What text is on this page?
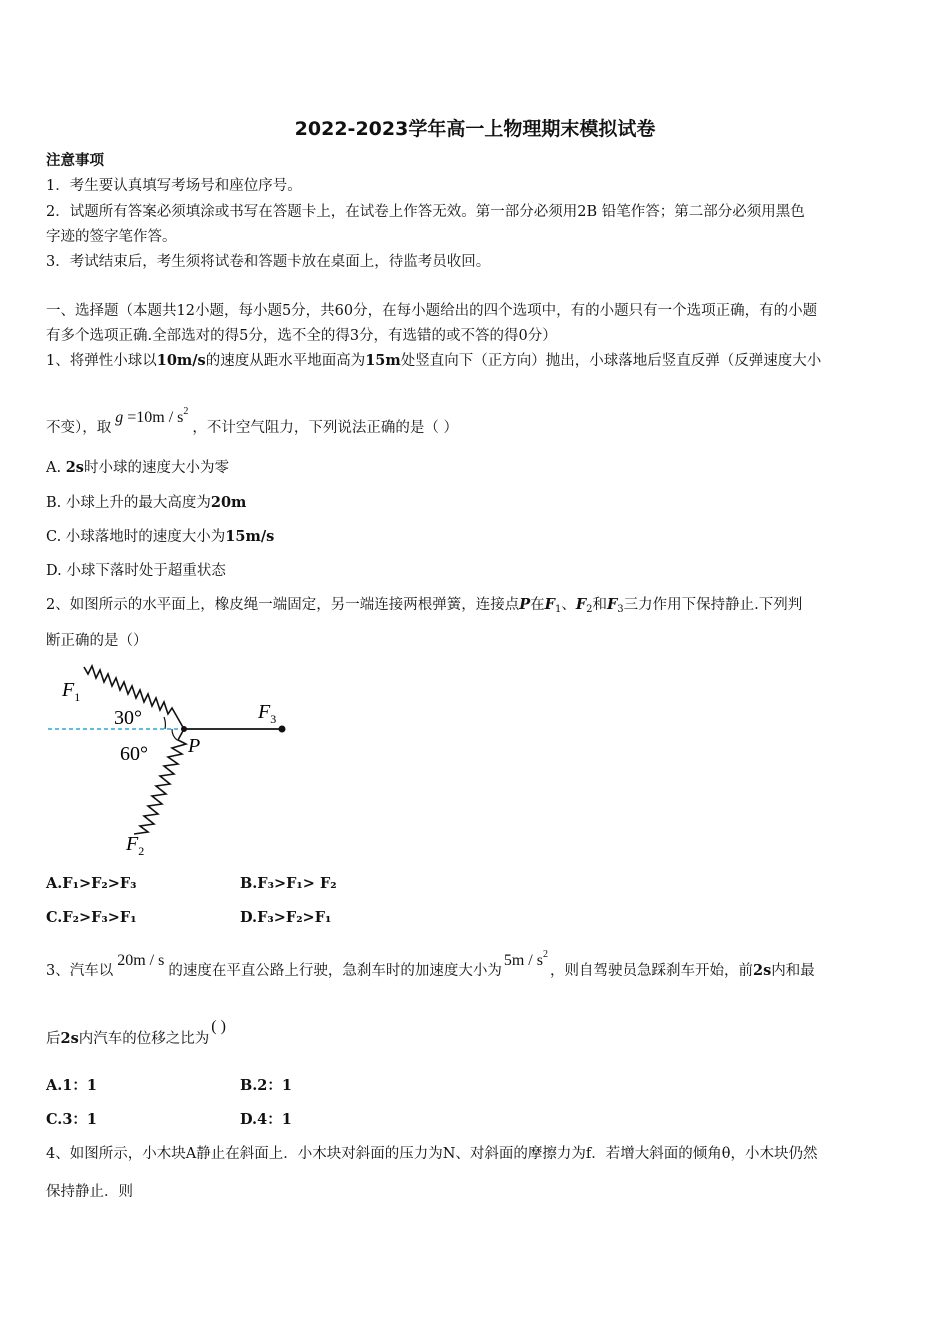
2022-2023学年高一上物理期末模拟试卷
注意事项
1．考生要认真填写考场号和座位序号。
2．试题所有答案必须填涂或书写在答题卡上，在试卷上作答无效。第一部分必须用2B 铅笔作答；第二部分必须用黑色
字迹的签字笔作答。
3．考试结束后，考生须将试卷和答题卡放在桌面上，待监考员收回。
一、选择题（本题共12小题，每小题5分，共60分，在每小题给出的四个选项中，有的小题只有一个选项正确，有的小题
有多个选项正确.全部选对的得5分，选不全的得3分，有选错的或不答的得0分）
1、将弹性小球以10m/s的速度从距水平地面高为15m处竖直向下（正方向）抛出，小球落地后竖直反弹（反弹速度大小
不变），取$g =10m / s^2$，不计空气阻力，下列说法正确的是（ ）
A. 2s时小球的速度大小为零
B. 小球上升的最大高度为20m
C. 小球落地时的速度大小为15m/s
D. 小球下落时处于超重状态
2、如图所示的水平面上，橡皮绳一端固定，另一端连接两根弹簧，连接点P在$F_1$、$F_2$和$F_3$三力作用下保持静止.下列判
断正确的是（）
$F_1$
$F_3$
$F_2$
30°
60° P
A.F₁>F₂>F₃	B.F₃>F₁> F₂
C.F₂>F₃>F₁	D.F₃>F₂>F₁
3、汽车以20m / s的速度在平直公路上行驶，急刹车时的加速度大小为$5m / s^2$，则自驾驶员急踩刹车开始，前2s内和最
后2s内汽车的位移之比为( )
A.1：1	B.2：1
C.3：1	D.4：1
4、如图所示，小木块A静止在斜面上．小木块对斜面的压力为N、对斜面的摩擦力为f．若增大斜面的倾角θ，小木块仍然
保持静止．则
